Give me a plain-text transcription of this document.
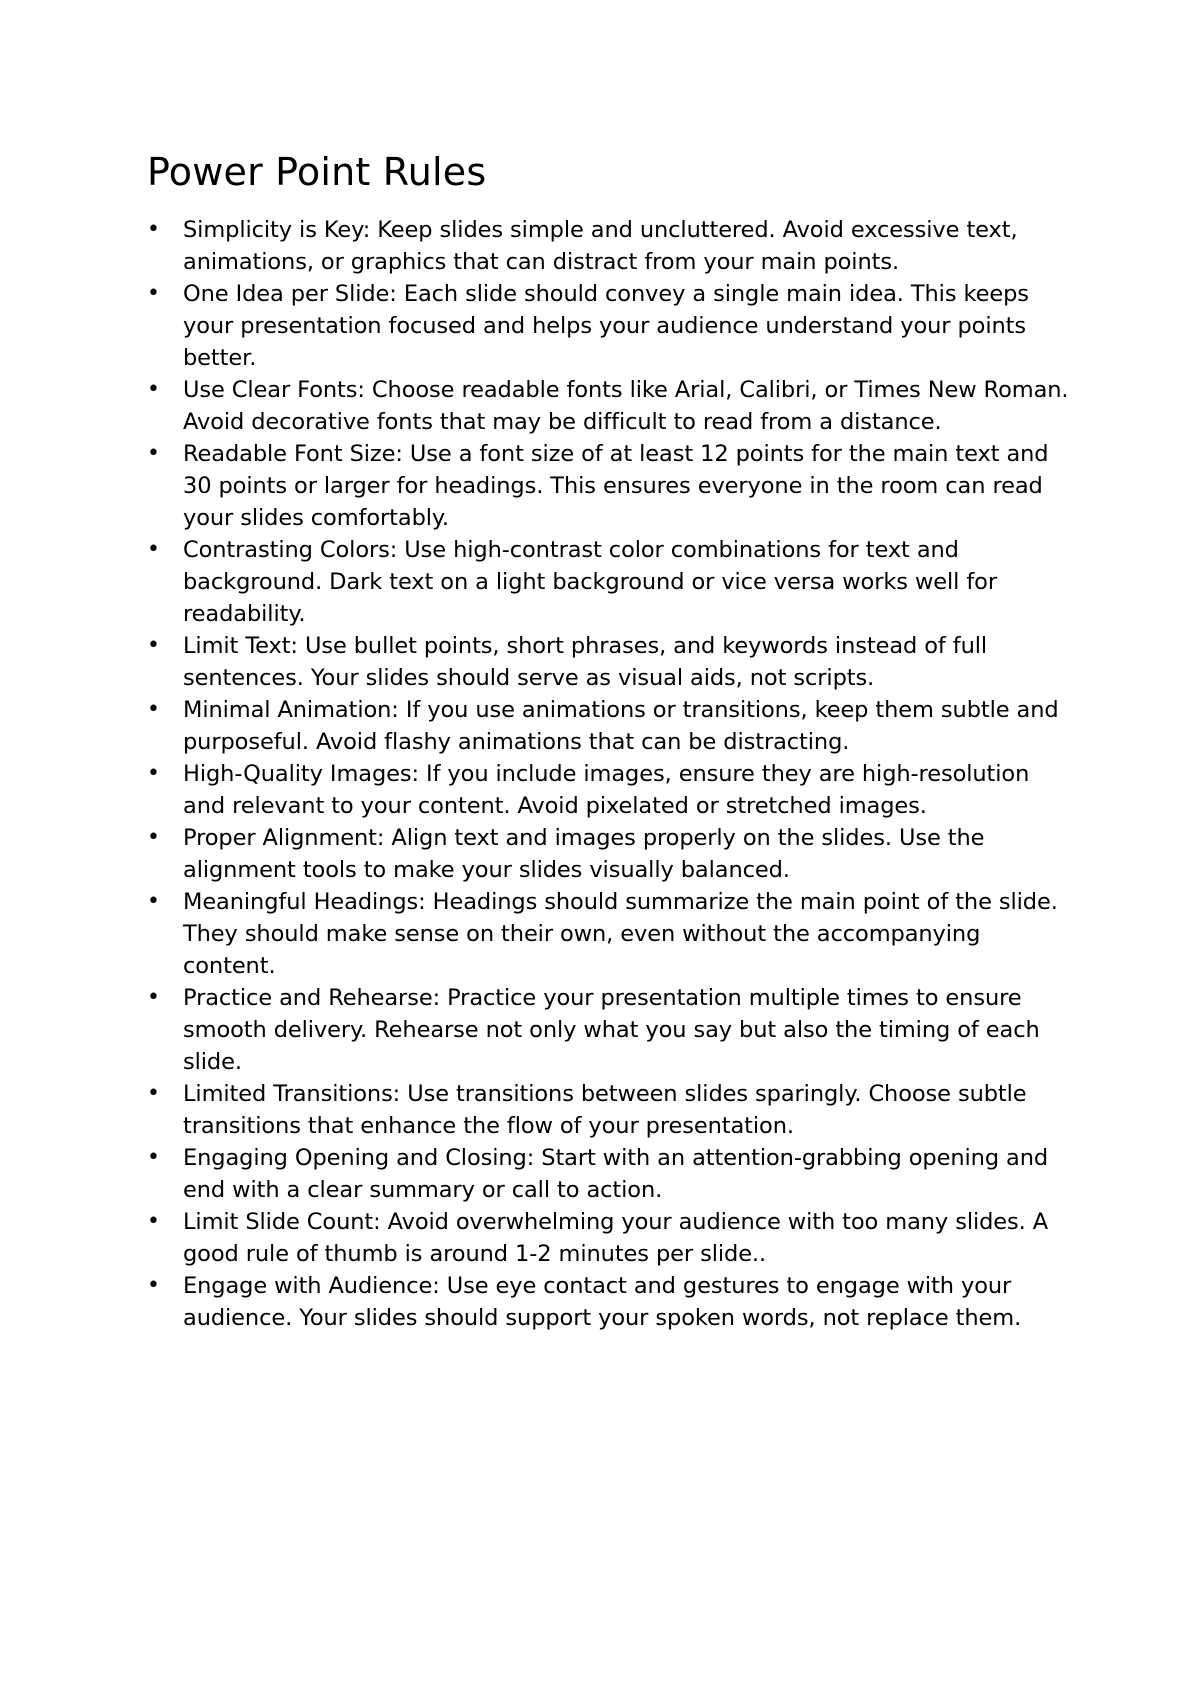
Power Point Rules
•	Simplicity is Key: Keep slides simple and uncluttered. Avoid excessive text, animations, or graphics that can distract from your main points.
•	One Idea per Slide: Each slide should convey a single main idea. This keeps your presentation focused and helps your audience understand your points better.
•	Use Clear Fonts: Choose readable fonts like Arial, Calibri, or Times New Roman. Avoid decorative fonts that may be difficult to read from a distance.
•	Readable Font Size: Use a font size of at least 12 points for the main text and 30 points or larger for headings. This ensures everyone in the room can read your slides comfortably.
•	Contrasting Colors: Use high-contrast color combinations for text and background. Dark text on a light background or vice versa works well for readability.
•	Limit Text: Use bullet points, short phrases, and keywords instead of full sentences. Your slides should serve as visual aids, not scripts.
•	Minimal Animation: If you use animations or transitions, keep them subtle and purposeful. Avoid flashy animations that can be distracting.
•	High-Quality Images: If you include images, ensure they are high-resolution and relevant to your content. Avoid pixelated or stretched images.
•	Proper Alignment: Align text and images properly on the slides. Use the alignment tools to make your slides visually balanced.
•	Meaningful Headings: Headings should summarize the main point of the slide. They should make sense on their own, even without the accompanying content.
•	Practice and Rehearse: Practice your presentation multiple times to ensure smooth delivery. Rehearse not only what you say but also the timing of each slide.
•	Limited Transitions: Use transitions between slides sparingly. Choose subtle transitions that enhance the flow of your presentation.
•	Engaging Opening and Closing: Start with an attention-grabbing opening and end with a clear summary or call to action.
•	Limit Slide Count: Avoid overwhelming your audience with too many slides. A good rule of thumb is around 1-2 minutes per slide..
•	Engage with Audience: Use eye contact and gestures to engage with your audience. Your slides should support your spoken words, not replace them.
